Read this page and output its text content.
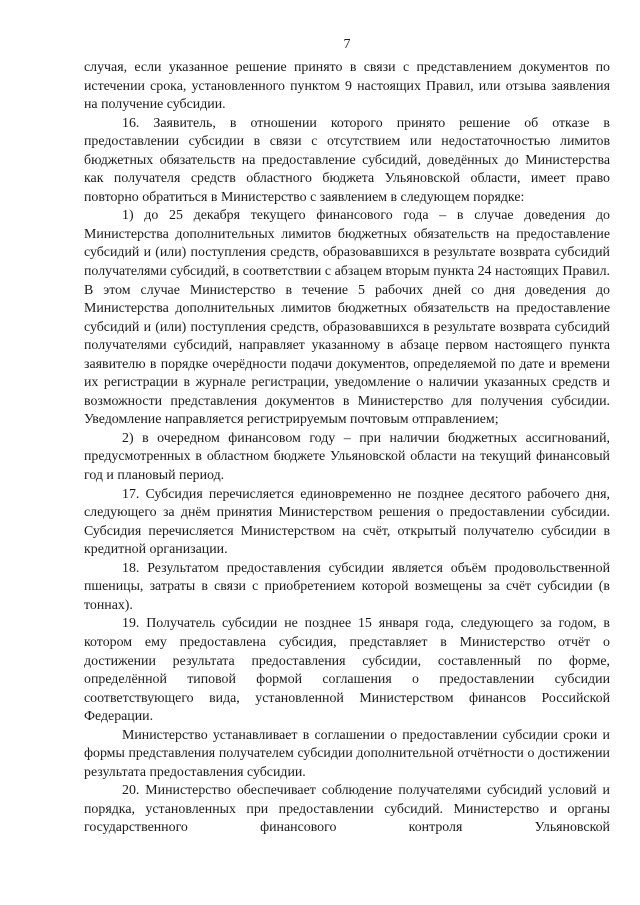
7

случая, если указанное решение принято в связи с представлением документов по истечении срока, установленного пунктом 9 настоящих Правил, или отзыва заявления на получение субсидии.

16. Заявитель, в отношении которого принято решение об отказе в предоставлении субсидии в связи с отсутствием или недостаточностью лимитов бюджетных обязательств на предоставление субсидий, доведённых до Министерства как получателя средств областного бюджета Ульяновской области, имеет право повторно обратиться в Министерство с заявлением в следующем порядке:

1) до 25 декабря текущего финансового года – в случае доведения до Министерства дополнительных лимитов бюджетных обязательств на предоставление субсидий и (или) поступления средств, образовавшихся в результате возврата субсидий получателями субсидий, в соответствии с абзацем вторым пункта 24 настоящих Правил. В этом случае Министерство в течение 5 рабочих дней со дня доведения до Министерства дополнительных лимитов бюджетных обязательств на предоставление субсидий и (или) поступления средств, образовавшихся в результате возврата субсидий получателями субсидий, направляет указанному в абзаце первом настоящего пункта заявителю в порядке очерёдности подачи документов, определяемой по дате и времени их регистрации в журнале регистрации, уведомление о наличии указанных средств и возможности представления документов в Министерство для получения субсидии. Уведомление направляется регистрируемым почтовым отправлением;

2) в очередном финансовом году – при наличии бюджетных ассигнований, предусмотренных в областном бюджете Ульяновской области на текущий финансовый год и плановый период.

17. Субсидия перечисляется единовременно не позднее десятого рабочего дня, следующего за днём принятия Министерством решения о предоставлении субсидии. Субсидия перечисляется Министерством на счёт, открытый получателю субсидии в кредитной организации.

18. Результатом предоставления субсидии является объём продовольственной пшеницы, затраты в связи с приобретением которой возмещены за счёт субсидии (в тоннах).

19. Получатель субсидии не позднее 15 января года, следующего за годом, в котором ему предоставлена субсидия, представляет в Министерство отчёт о достижении результата предоставления субсидии, составленный по форме, определённой типовой формой соглашения о предоставлении субсидии соответствующего вида, установленной Министерством финансов Российской Федерации.

Министерство устанавливает в соглашении о предоставлении субсидии сроки и формы представления получателем субсидии дополнительной отчётности о достижении результата предоставления субсидии.

20. Министерство обеспечивает соблюдение получателями субсидий условий и порядка, установленных при предоставлении субсидий. Министерство и органы государственного финансового контроля Ульяновской
